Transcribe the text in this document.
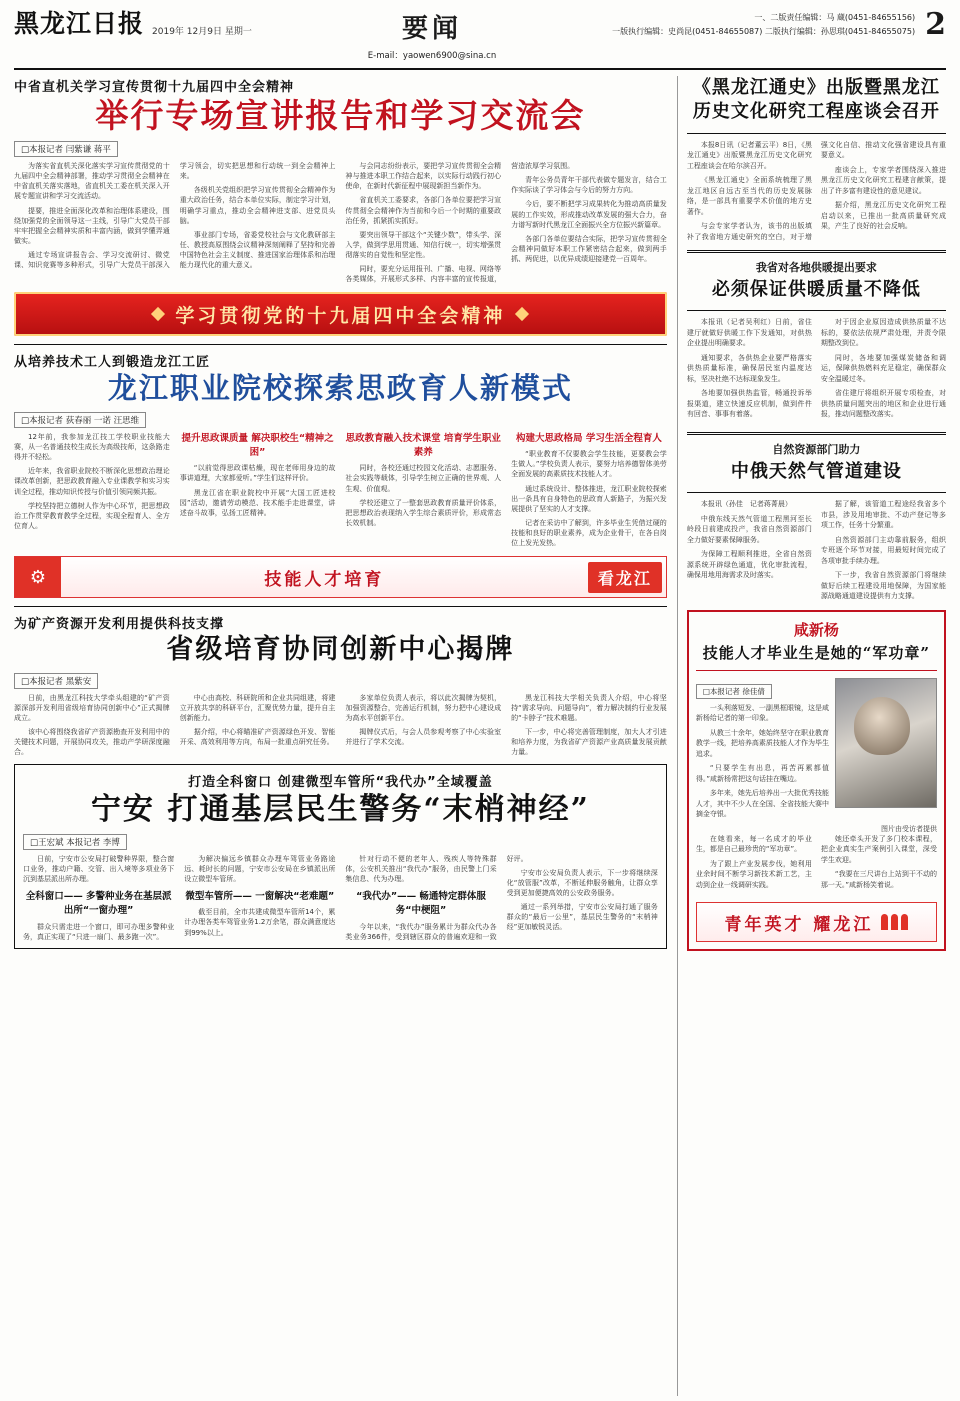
黑龙江日报 2019年 12月9日 星期一	要闻
E-mail：yaowen6900@sina.cn
一、二版责任编辑：马 蔵(0451-84655156)
一版执行编辑：史尚昆(0451-84655087) 二版执行编辑：孙思琪(0451-84655075) 2
中省直机关学习宣传贯彻十九届四中全会精神
举行专场宣讲报告和学习交流会
□本报记者 闫紫谦 蒋平

为落实省直机关深化落实学习宣传贯彻党的十九届四中全会精神部署，推动学习贯彻全会精神在中省直机关落实落地，省直机关工委在机关深入开展专题宣讲和学习交流活动。

提要，推进全面深化改革和治理体系建设，围绕加强党的全面领导这一主线，引导广大党员干部牢牢把握全会精神实质和丰富内涵，做到学懂弄通做实。

通过专场宣讲报告会、学习交流研讨、微党课、知识竞赛等多种形式，引导广大党员干部深入学习领会，切实把思想和行动统一到全会精神上来。

各级机关党组织把学习宣传贯彻全会精神作为重大政治任务，结合本单位实际，制定学习计划，明确学习重点，推动全会精神进支部、进党员头脑。

事业部门专场，省委党校社会与文化教研部主任、教授高原围绕会议精神深刻阐释了坚持和完善中国特色社会主义制度、推进国家治理体系和治理能力现代化的重大意义。

与会同志纷纷表示，要把学习宣传贯彻全会精神与推进本职工作结合起来，以实际行动践行初心使命，在新时代新征程中展现新担当新作为。

省直机关工委要求，各部门各单位要把学习宣传贯彻全会精神作为当前和今后一个时期的重要政治任务，抓紧抓实抓好。

要突出领导干部这个“关键少数”，带头学、深入学，做到学思用贯通、知信行统一，切实增强贯彻落实的自觉性和坚定性。

同时，要充分运用报刊、广播、电视、网络等各类媒体，开展形式多样、内容丰富的宣传报道，营造浓厚学习氛围。

青年公务员青年干部代表做专题发言，结合工作实际谈了学习体会与今后的努力方向。

今后，要不断把学习成果转化为推动高质量发展的工作实效，形成推动改革发展的强大合力，奋力谱写新时代黑龙江全面振兴全方位振兴新篇章。

各部门各单位要结合实际，把学习宣传贯彻全会精神同做好本职工作紧密结合起来，做到两手抓、两促进，以优异成绩迎接建党一百周年。

学习贯彻党的十九届四中全会精神
从培养技术工人到锻造龙江工匠
龙江职业院校探索思政育人新模式
□本报记者 荻春丽 一诺 汪思维

12年前，我参加龙江技工学校职业技能大赛，从一名普通技校生成长为高级技师，这条路走得并不轻松。

近年来，我省职业院校不断深化思想政治理论课改革创新，把思政教育融入专业课教学和实习实训全过程，推动知识传授与价值引领同频共振。

学校坚持把立德树人作为中心环节，把思想政治工作贯穿教育教学全过程，实现全程育人、全方位育人。

提升思政课质量 解决职校生“精神之困”

“以前觉得思政课枯燥，现在老师用身边的故事讲道理，大家都爱听。”学生们这样评价。

黑龙江省在职业院校中开展“大国工匠进校园”活动，邀请劳动模范、技术能手走进课堂，讲述奋斗故事，弘扬工匠精神。

思政教育融入技术课堂 培育学生职业素养

同时，各校还通过校园文化活动、志愿服务、社会实践等载体，引导学生树立正确的世界观、人生观、价值观。

学校还建立了一整套思政教育质量评价体系，把思想政治表现纳入学生综合素质评价，形成常态长效机制。

构建大思政格局 学习生活全程育人

“职业教育不仅要教会学生技能，更要教会学生做人。”学校负责人表示，要努力培养德智体美劳全面发展的高素质技术技能人才。

通过系统设计、整体推进，龙江职业院校探索出一条具有自身特色的思政育人新路子，为振兴发展提供了坚实的人才支撑。

记者在采访中了解到，许多毕业生凭借过硬的技能和良好的职业素养，成为企业骨干，在各自岗位上发光发热。

⚙	技能人才培育	看龙江
为矿产资源开发利用提供科技支撑
省级培育协同创新中心揭牌
□本报记者 黑紫安

日前，由黑龙江科技大学牵头组建的“矿产资源深部开发利用省级培育协同创新中心”正式揭牌成立。

该中心将围绕我省矿产资源勘查开发利用中的关键技术问题，开展协同攻关，推动产学研深度融合。

中心由高校、科研院所和企业共同组建，将建立开放共享的科研平台，汇聚优势力量，提升自主创新能力。

据介绍，中心将瞄准矿产资源绿色开发、智能开采、高效利用等方向，布局一批重点研究任务。

多家单位负责人表示，将以此次揭牌为契机，加强资源整合，完善运行机制，努力把中心建设成为高水平创新平台。

揭牌仪式后，与会人员参观考察了中心实验室并进行了学术交流。

黑龙江科技大学相关负责人介绍，中心将坚持“需求导向、问题导向”，着力解决制约行业发展的“卡脖子”技术难题。

下一步，中心将完善管理制度，加大人才引进和培养力度，为我省矿产资源产业高质量发展贡献力量。

打造全科窗口 创建微型车管所“我代办”全域覆盖
宁安 打通基层民生警务“末梢神经”
□王宏斌 本报记者 李博

日前，宁安市公安局打破警种界限，整合窗口业务，推动户籍、交管、出入境等多项业务下沉到基层派出所办理。

全科窗口—— 多警种业务在基层派出所“一窗办理”

群众只需走进一个窗口，即可办理多警种业务，真正实现了“只进一扇门、最多跑一次”。

为解决偏远乡镇群众办理车驾管业务路途远、耗时长的问题，宁安市公安局在乡镇派出所设立微型车管所。

微型车管所—— 一窗解决“老难题”

截至目前，全市共建成微型车管所14个，累计办理各类车驾管业务1.2万余笔，群众满意度达到99%以上。

针对行动不便的老年人、残疾人等特殊群体，公安机关推出“我代办”服务，由民警上门采集信息、代为办理。

“我代办”—— 畅通特定群体服务“中梗阻”

今年以来，“我代办”服务累计为群众代办各类业务366件，受到辖区群众的普遍欢迎和一致好评。

宁安市公安局负责人表示，下一步将继续深化“放管服”改革，不断延伸服务触角，让群众享受到更加便捷高效的公安政务服务。

通过一系列举措，宁安市公安局打通了服务群众的“最后一公里”，基层民生警务的“末梢神经”更加敏锐灵活。

《黑龙江通史》出版暨黑龙江历史文化研究工程座谈会召开

本报8日讯（记者董云平）8日，《黑龙江通史》出版暨黑龙江历史文化研究工程座谈会在哈尔滨召开。

《黑龙江通史》全面系统梳理了黑龙江地区自远古至当代的历史发展脉络，是一部具有重要学术价值的地方史著作。

与会专家学者认为，该书的出版填补了我省地方通史研究的空白，对于增强文化自信、推动文化强省建设具有重要意义。

座谈会上，专家学者围绕深入推进黑龙江历史文化研究工程建言献策，提出了许多富有建设性的意见建议。

据介绍，黑龙江历史文化研究工程启动以来，已推出一批高质量研究成果，产生了良好的社会反响。

我省对各地供暖提出要求
必须保证供暖质量不降低

本报讯（记者吴利红）日前，省住建厅就做好供暖工作下发通知，对供热企业提出明确要求。

通知要求，各供热企业要严格落实供热质量标准，确保居民室内温度达标，坚决杜绝不达标现象发生。

各地要加强供热监管，畅通投诉举报渠道，建立快速反应机制，做到件件有回音、事事有着落。

对于因企业原因造成供热质量不达标的，要依法依规严肃处理，并责令限期整改到位。

同时，各地要加强煤炭储备和调运，保障供热燃料充足稳定，确保群众安全温暖过冬。

省住建厅将组织开展专项检查，对供热质量问题突出的地区和企业进行通报，推动问题整改落实。

自然资源部门助力
中俄天然气管道建设

本报讯（孙佳　记者蒋菁晨）

中俄东线天然气管道工程黑河至长岭段日前建成投产，我省自然资源部门全力做好要素保障服务。

为保障工程顺利推进，全省自然资源系统开辟绿色通道，优化审批流程，确保用地用海需求及时落实。

据了解，该管道工程途经我省多个市县，涉及用地审批、不动产登记等多项工作，任务十分繁重。

自然资源部门主动靠前服务，组织专班逐个环节对接，用最短时间完成了各项审批手续办理。

下一步，我省自然资源部门将继续做好后续工程建设用地保障，为国家能源战略通道建设提供有力支撑。

咸新杨
技能人才毕业生是她的“军功章”
□本报记者 徐佳倩

一头利落短发、一副黑框眼镜，这是咸新杨给记者的第一印象。

从教三十余年，她始终坚守在职业教育教学一线，把培养高素质技能人才作为毕生追求。

“只要学生有出息，再苦再累都值得。”咸新杨常把这句话挂在嘴边。

多年来，她先后培养出一大批优秀技能人才，其中不少人在全国、全省技能大赛中摘金夺银。

图片由受访者提供

在她看来，每一名成才的毕业生，都是自己最珍贵的“军功章”。

为了跟上产业发展步伐，她利用业余时间不断学习新技术新工艺，主动到企业一线调研实践。

她还牵头开发了多门校本课程，把企业真实生产案例引入课堂，深受学生欢迎。

“我要在三尺讲台上站到干不动的那一天。”咸新杨笑着说。

青年英才 耀龙江
